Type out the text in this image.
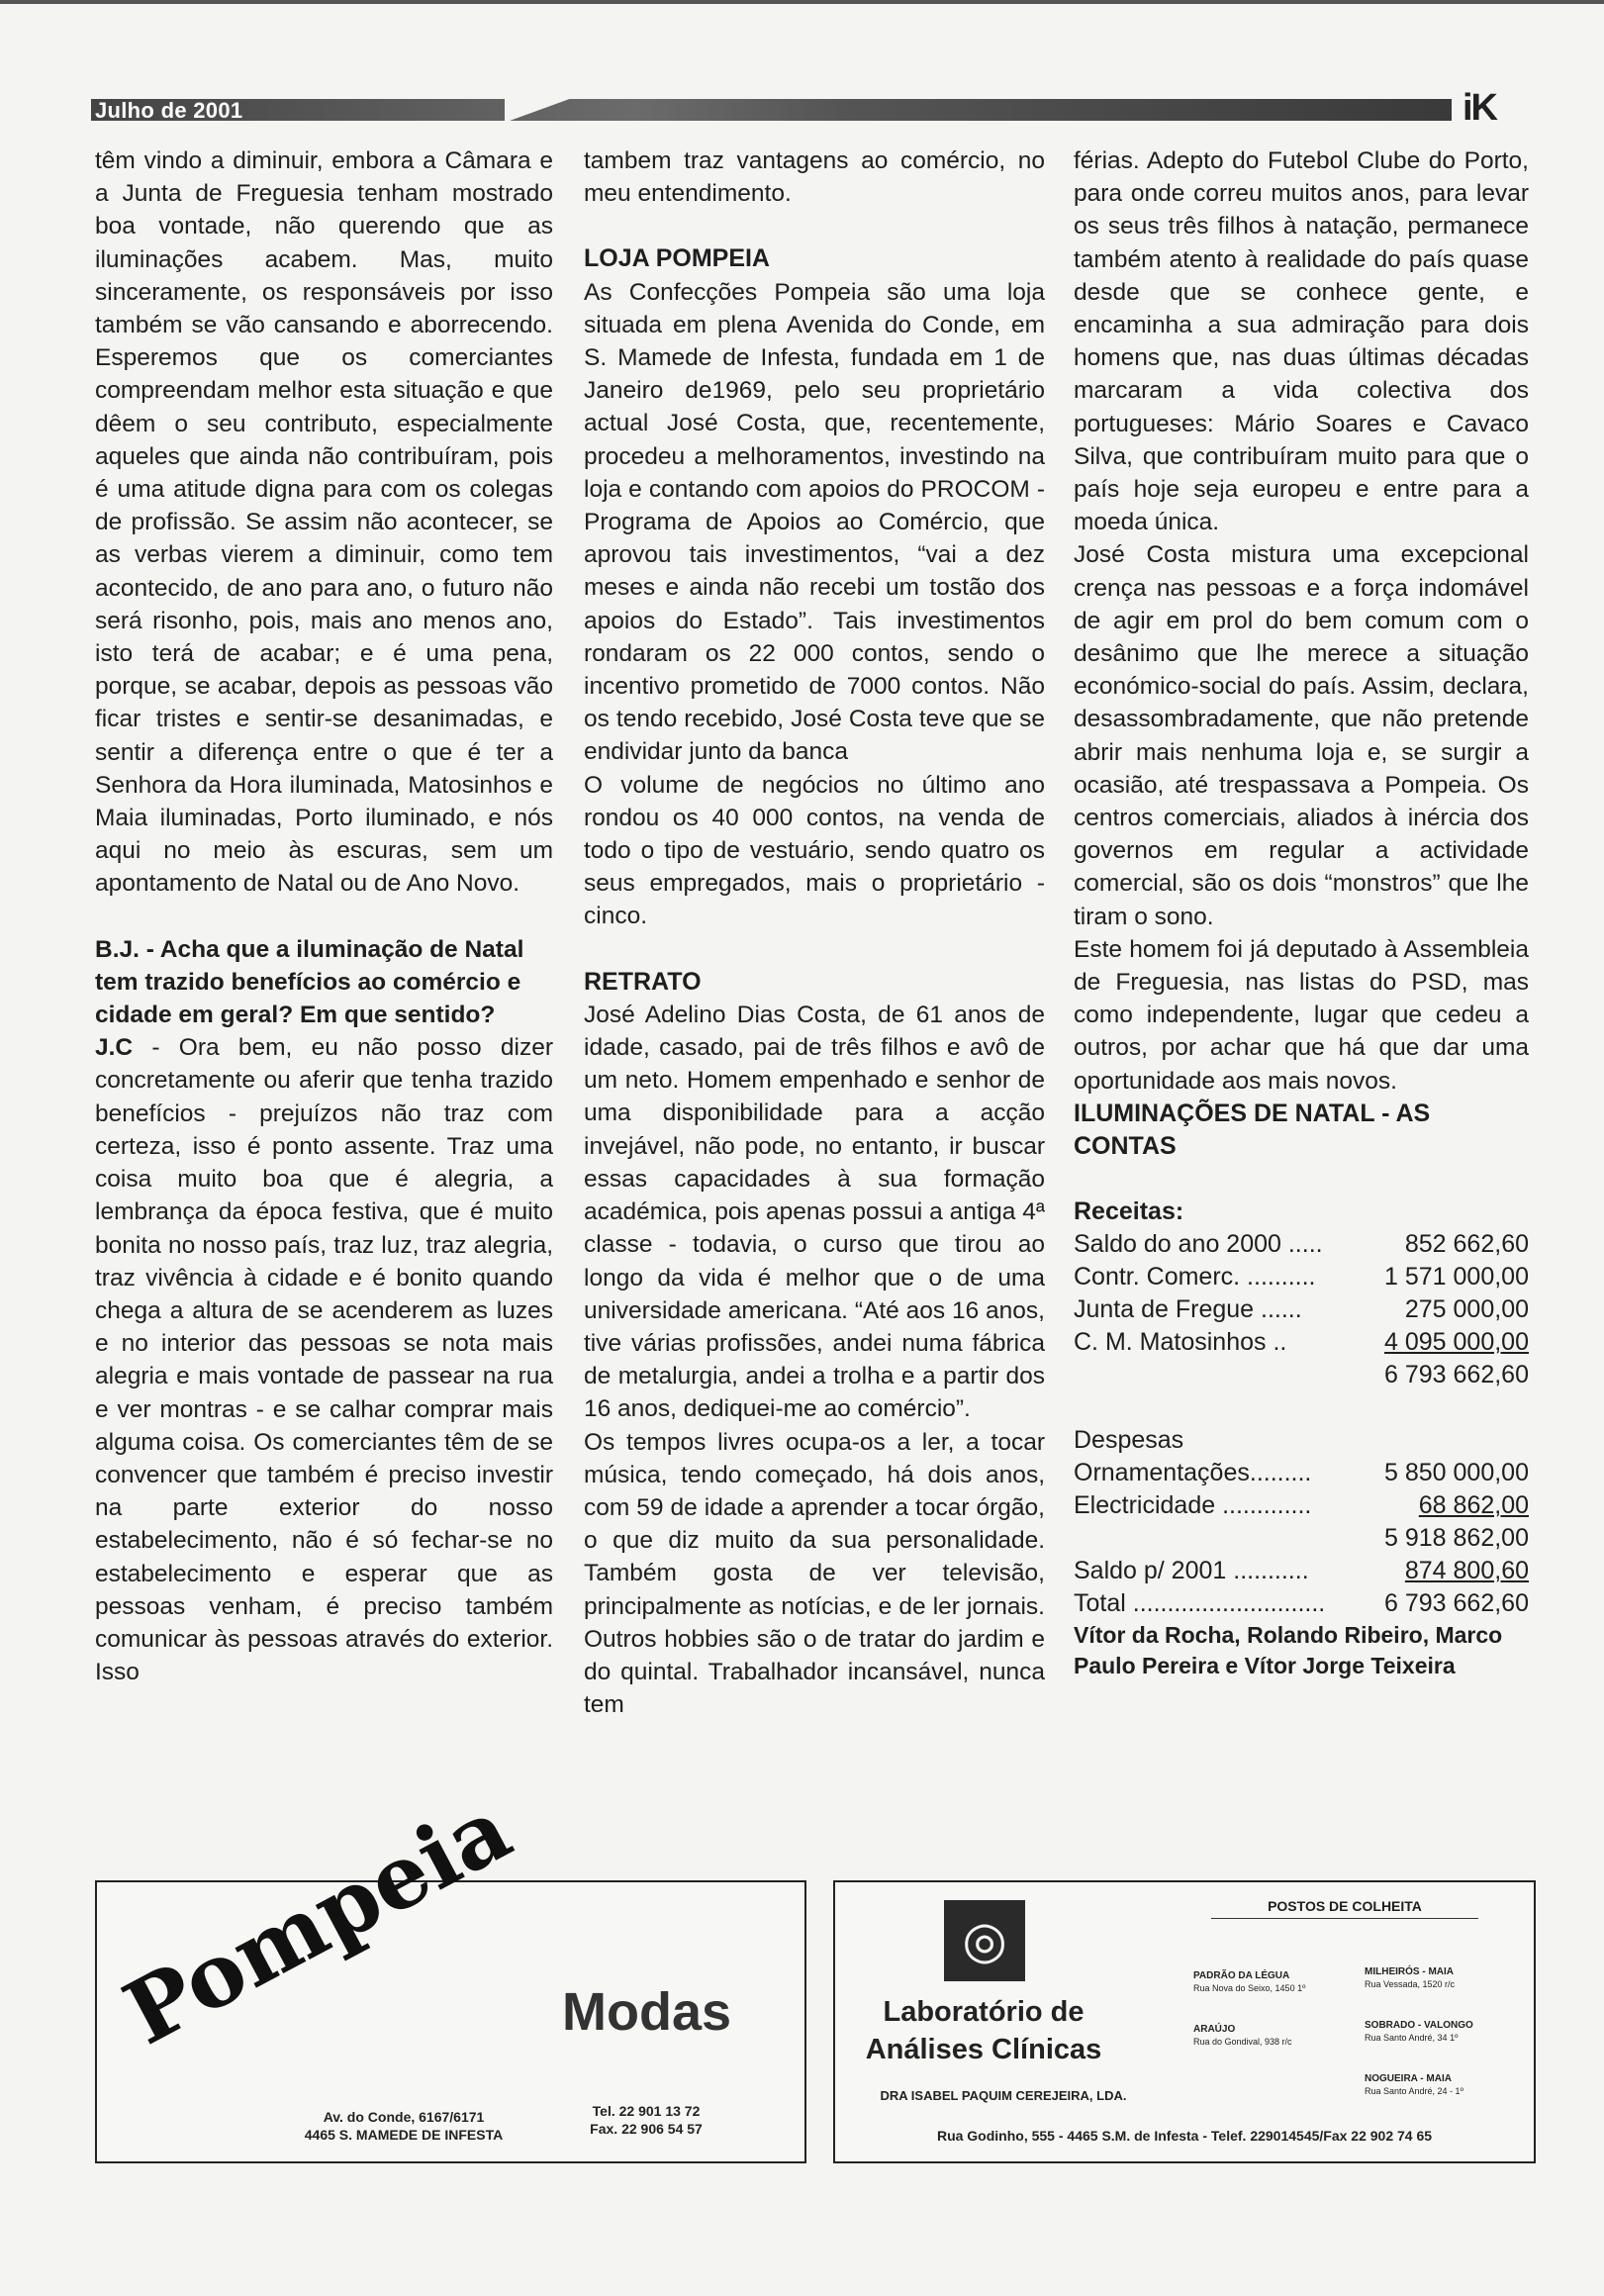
Julho de 2001	iK

têm vindo a diminuir, embora a Câmara e a Junta de Freguesia tenham mostrado boa vontade, não querendo que as iluminações acabem. Mas, muito sinceramente, os responsáveis por isso também se vão cansando e aborrecendo. Esperemos que os comerciantes compreendam melhor esta situação e que dêem o seu contributo, especialmente aqueles que ainda não contribuíram, pois é uma atitude digna para com os colegas de profissão. Se assim não acontecer, se as verbas vierem a diminuir, como tem acontecido, de ano para ano, o futuro não será risonho, pois, mais ano menos ano, isto terá de acabar; e é uma pena, porque, se acabar, depois as pessoas vão ficar tristes e sentir-se desanimadas, e sentir a diferença entre o que é ter a Senhora da Hora iluminada, Matosinhos e Maia iluminadas, Porto iluminado, e nós aqui no meio às escuras, sem um apontamento de Natal ou de Ano Novo.

B.J. - Acha que a iluminação de Natal tem trazido benefícios ao comércio e cidade em geral? Em que sentido?

J.C - Ora bem, eu não posso dizer concretamente ou aferir que tenha trazido benefícios - prejuízos não traz com certeza, isso é ponto assente. Traz uma coisa muito boa que é alegria, a lembrança da época festiva, que é muito bonita no nosso país, traz luz, traz alegria, traz vivência à cidade e é bonito quando chega a altura de se acenderem as luzes e no interior das pessoas se nota mais alegria e mais vontade de passear na rua e ver montras - e se calhar comprar mais alguma coisa. Os comerciantes têm de se convencer que também é preciso investir na parte exterior do nosso estabelecimento, não é só fechar-se no estabelecimento e esperar que as pessoas venham, é preciso também comunicar às pessoas através do exterior. Isso

tambem traz vantagens ao comércio, no meu entendimento.

LOJA POMPEIA

As Confecções Pompeia são uma loja situada em plena Avenida do Conde, em S. Mamede de Infesta, fundada em 1 de Janeiro de1969, pelo seu proprietário actual José Costa, que, recentemente, procedeu a melhoramentos, investindo na loja e contando com apoios do PROCOM - Programa de Apoios ao Comércio, que aprovou tais investimentos, “vai a dez meses e ainda não recebi um tostão dos apoios do Estado”. Tais investimentos rondaram os 22 000 contos, sendo o incentivo prometido de 7000 contos. Não os tendo recebido, José Costa teve que se endividar junto da banca

O volume de negócios no último ano rondou os 40 000 contos, na venda de todo o tipo de vestuário, sendo quatro os seus empregados, mais o proprietário - cinco.

RETRATO

José Adelino Dias Costa, de 61 anos de idade, casado, pai de três filhos e avô de um neto. Homem empenhado e senhor de uma disponibilidade para a acção invejável, não pode, no entanto, ir buscar essas capacidades à sua formação académica, pois apenas possui a antiga 4ª classe - todavia, o curso que tirou ao longo da vida é melhor que o de uma universidade americana. “Até aos 16 anos, tive várias profissões, andei numa fábrica de metalurgia, andei a trolha e a partir dos 16 anos, dediquei-me ao comércio”.

Os tempos livres ocupa-os a ler, a tocar música, tendo começado, há dois anos, com 59 de idade a aprender a tocar órgão, o que diz muito da sua personalidade. Também gosta de ver televisão, principalmente as notícias, e de ler jornais. Outros hobbies são o de tratar do jardim e do quintal. Trabalhador incansável, nunca tem

férias. Adepto do Futebol Clube do Porto, para onde correu muitos anos, para levar os seus três filhos à natação, permanece também atento à realidade do país quase desde que se conhece gente, e encaminha a sua admiração para dois homens que, nas duas últimas décadas marcaram a vida colectiva dos portugueses: Mário Soares e Cavaco Silva, que contribuíram muito para que o país hoje seja europeu e entre para a moeda única.

José Costa mistura uma excepcional crença nas pessoas e a força indomável de agir em prol do bem comum com o desânimo que lhe merece a situação económico-social do país. Assim, declara, desassombradamente, que não pretende abrir mais nenhuma loja e, se surgir a ocasião, até trespassava a Pompeia. Os centros comerciais, aliados à inércia dos governos em regular a actividade comercial, são os dois “monstros” que lhe tiram o sono.

Este homem foi já deputado à Assembleia de Freguesia, nas listas do PSD, mas como independente, lugar que cedeu a outros, por achar que há que dar uma oportunidade aos mais novos.

ILUMINAÇÕES DE NATAL - AS CONTAS

Receitas:
Saldo do ano 2000 .....	852 662,60
Contr. Comerc. ..........	1 571 000,00
Junta de Fregue ......	275 000,00
C. M. Matosinhos ..	4 095 000,00
6 793 662,60
Despesas
Ornamentações.........	5 850 000,00
Electricidade .............	68 862,00
5 918 862,00
Saldo p/ 2001 ...........	874 800,60
Total ............................ 6 793 662,60

Vítor da Rocha, Rolando Ribeiro, Marco Paulo Pereira e Vítor Jorge Teixeira

Pompeia Modas
Av. do Conde, 6167/6171
4465 S. MAMEDE DE INFESTA
Tel. 22 901 13 72
Fax. 22 906 54 57
◎
Laboratório de
Análises Clínicas
DRA ISABEL PAQUIM CEREJEIRA, LDA.
POSTOS DE COLHEITA
PADRÃO DA LÉGUA
Rua Nova do Seixo, 1450 1º
MILHEIRÓS - MAIA
Rua Vessada, 1520 r/c
ARAÚJO
Rua do Gondival, 938 r/c
SOBRADO - VALONGO
Rua Santo André, 34 1º
NOGUEIRA - MAIA
Rua Santo André, 24 - 1º
Rua Godinho, 555 - 4465 S.M. de Infesta - Telef. 229014545/Fax 22 902 74 65
